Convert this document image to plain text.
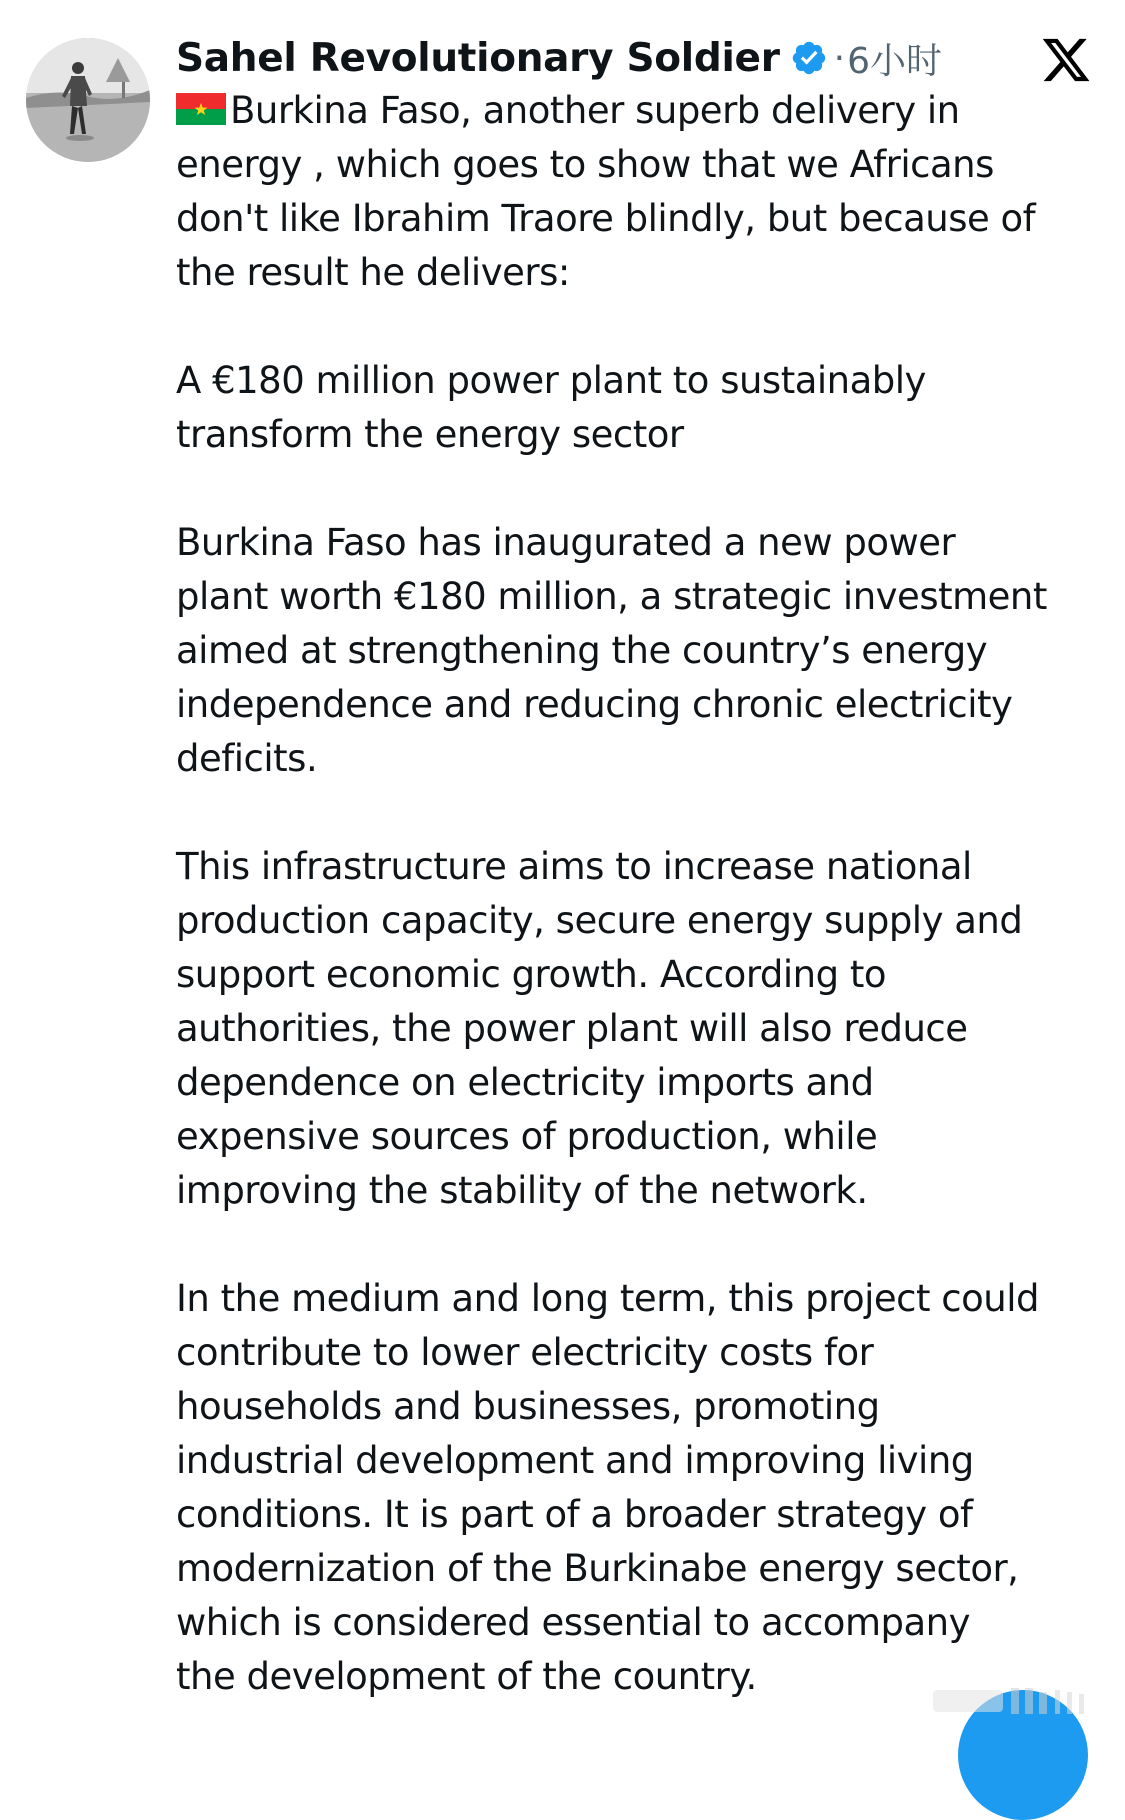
Sahel Revolutionary Soldier · 6小时
Burkina Faso, another superb delivery in
energy , which goes to show that we Africans
don't like Ibrahim Traore blindly, but because of
the result he delivers:
A €180 million power plant to sustainably
transform the energy sector
Burkina Faso has inaugurated a new power
plant worth €180 million, a strategic investment
aimed at strengthening the country’s energy
independence and reducing chronic electricity
deficits.
This infrastructure aims to increase national
production capacity, secure energy supply and
support economic growth. According to
authorities, the power plant will also reduce
dependence on electricity imports and
expensive sources of production, while
improving the stability of the network.
In the medium and long term, this project could
contribute to lower electricity costs for
households and businesses, promoting
industrial development and improving living
conditions. It is part of a broader strategy of
modernization of the Burkinabe energy sector,
which is considered essential to accompany
the development of the country.
